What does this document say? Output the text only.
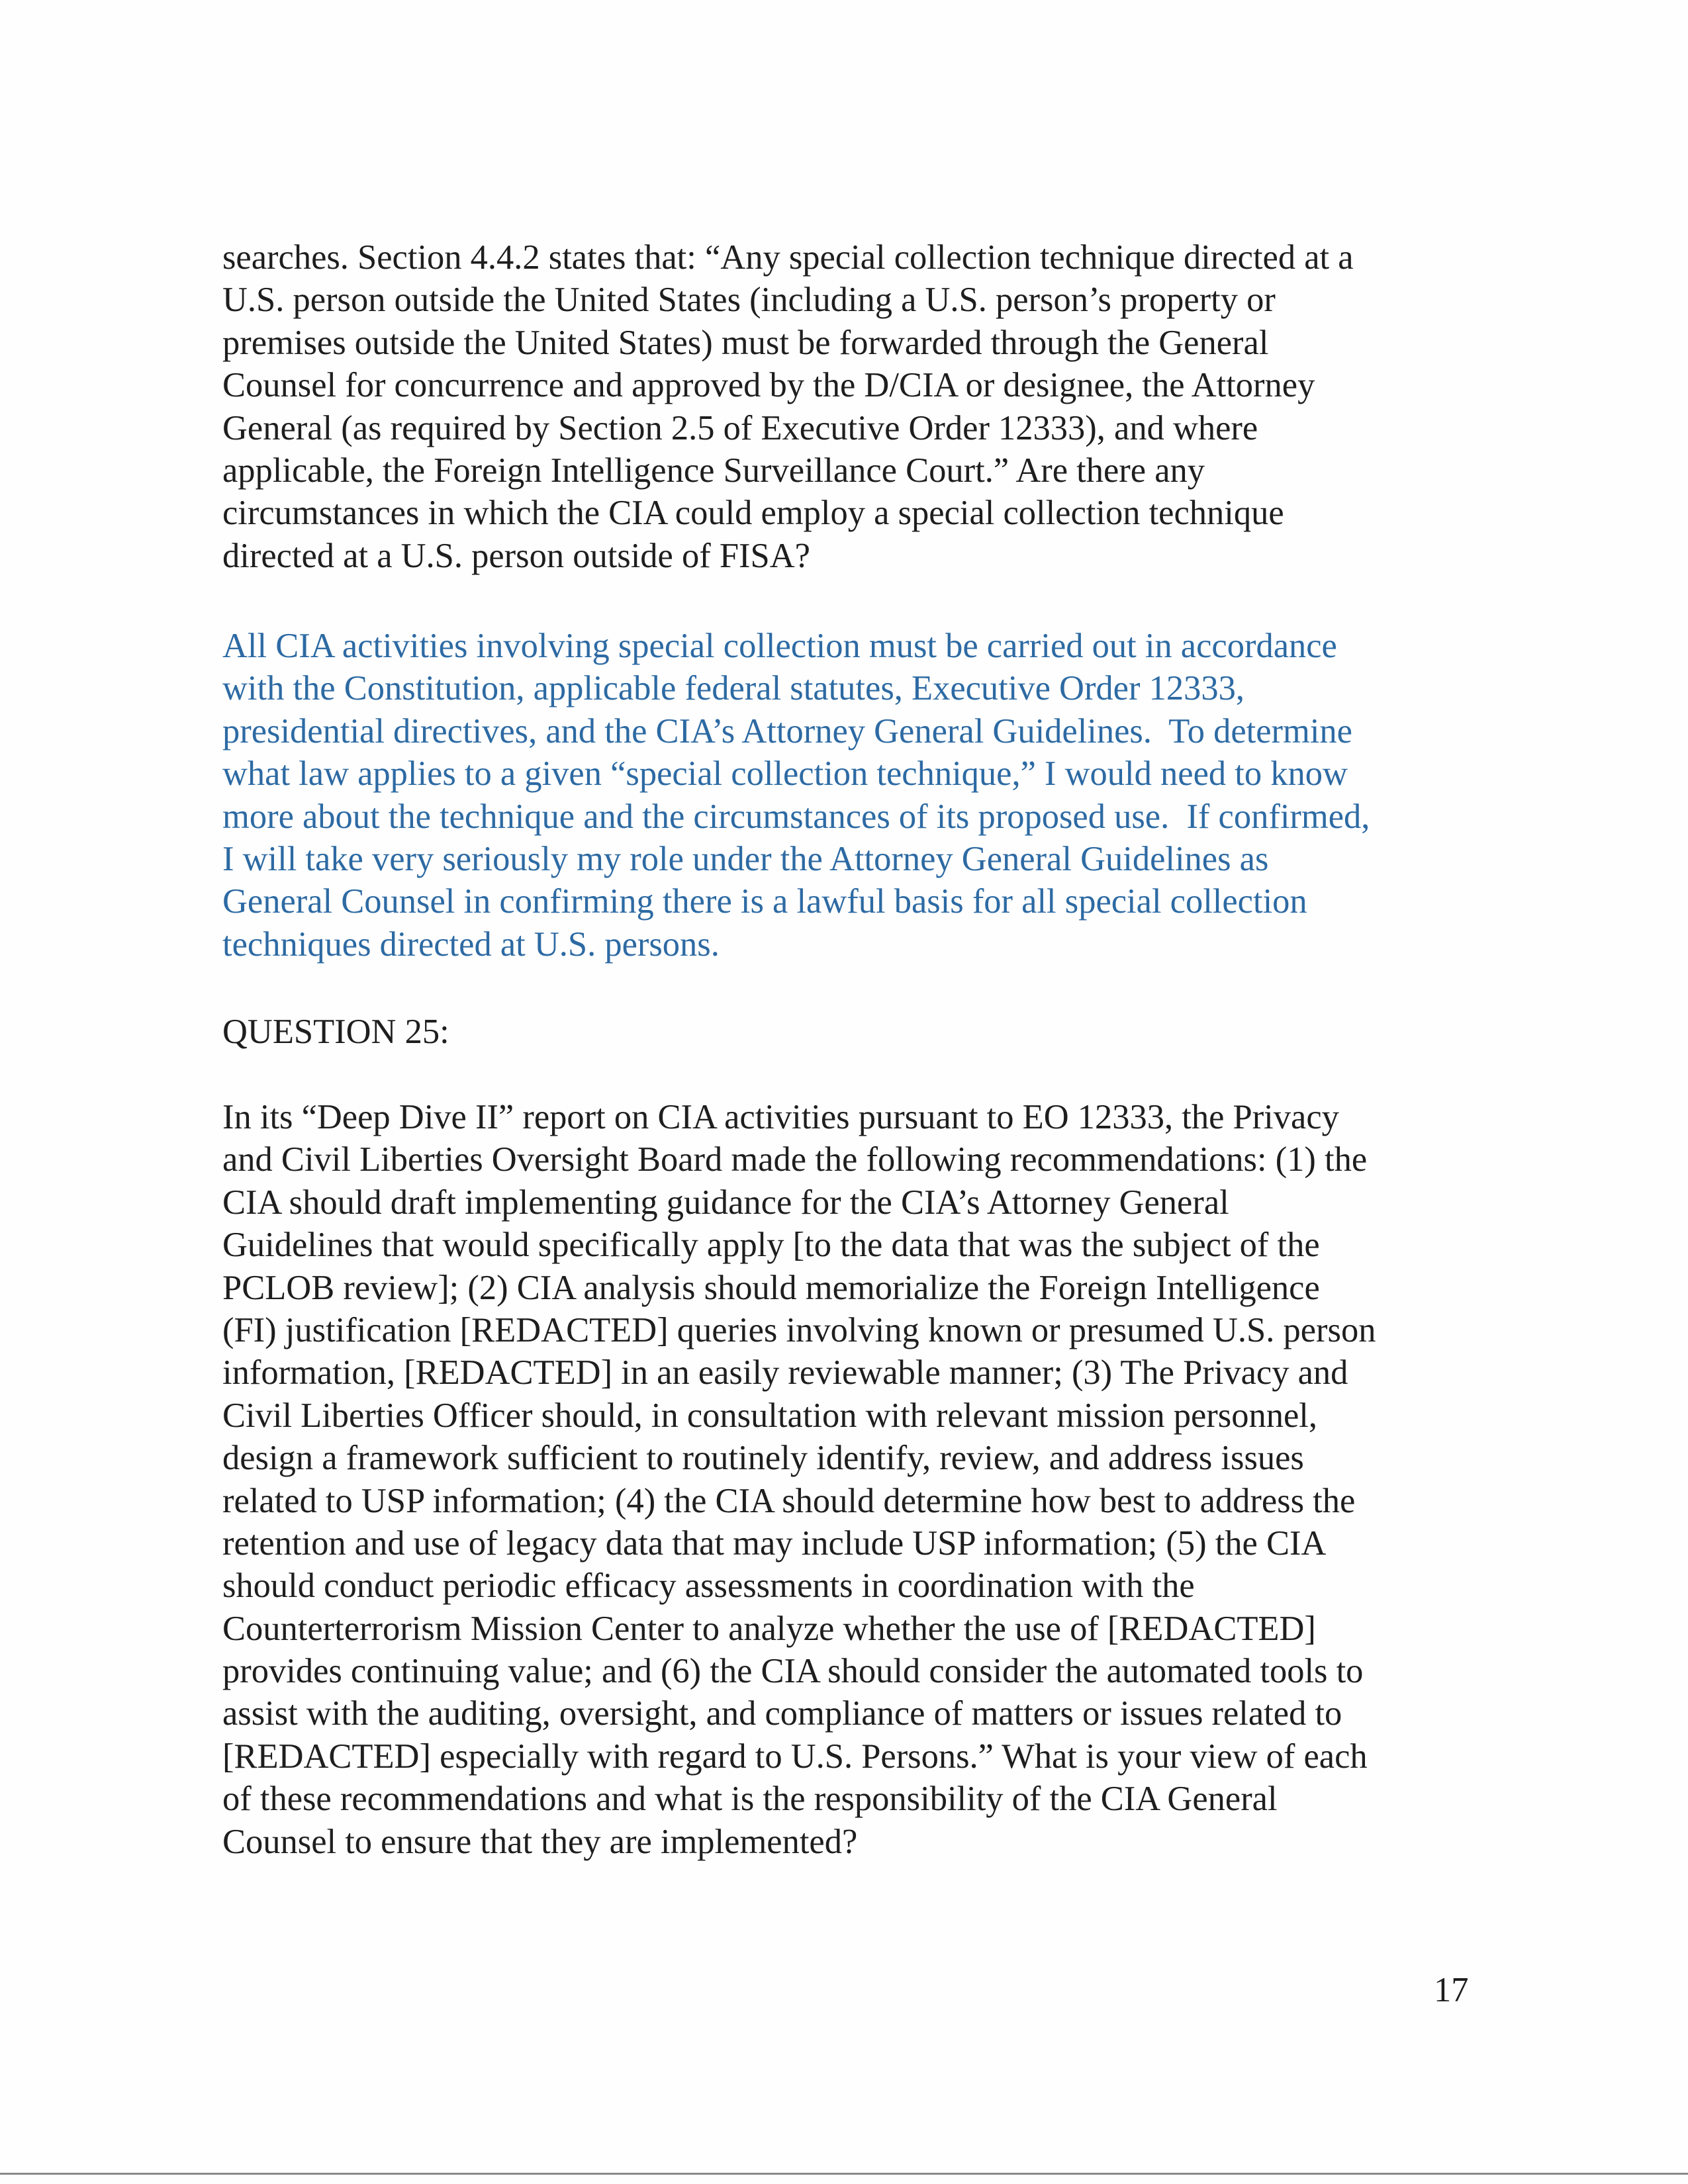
searches. Section 4.4.2 states that: “Any special collection technique directed at a
U.S. person outside the United States (including a U.S. person’s property or
premises outside the United States) must be forwarded through the General
Counsel for concurrence and approved by the D/CIA or designee, the Attorney
General (as required by Section 2.5 of Executive Order 12333), and where
applicable, the Foreign Intelligence Surveillance Court.” Are there any
circumstances in which the CIA could employ a special collection technique
directed at a U.S. person outside of FISA?
All CIA activities involving special collection must be carried out in accordance
with the Constitution, applicable federal statutes, Executive Order 12333,
presidential directives, and the CIA’s Attorney General Guidelines.  To determine
what law applies to a given “special collection technique,” I would need to know
more about the technique and the circumstances of its proposed use.  If confirmed,
I will take very seriously my role under the Attorney General Guidelines as
General Counsel in confirming there is a lawful basis for all special collection
techniques directed at U.S. persons.
QUESTION 25:
In its “Deep Dive II” report on CIA activities pursuant to EO 12333, the Privacy
and Civil Liberties Oversight Board made the following recommendations: (1) the
CIA should draft implementing guidance for the CIA’s Attorney General
Guidelines that would specifically apply [to the data that was the subject of the
PCLOB review]; (2) CIA analysis should memorialize the Foreign Intelligence
(FI) justification [REDACTED] queries involving known or presumed U.S. person
information, [REDACTED] in an easily reviewable manner; (3) The Privacy and
Civil Liberties Officer should, in consultation with relevant mission personnel,
design a framework sufficient to routinely identify, review, and address issues
related to USP information; (4) the CIA should determine how best to address the
retention and use of legacy data that may include USP information; (5) the CIA
should conduct periodic efficacy assessments in coordination with the
Counterterrorism Mission Center to analyze whether the use of [REDACTED]
provides continuing value; and (6) the CIA should consider the automated tools to
assist with the auditing, oversight, and compliance of matters or issues related to
[REDACTED] especially with regard to U.S. Persons.” What is your view of each
of these recommendations and what is the responsibility of the CIA General
Counsel to ensure that they are implemented?
17
